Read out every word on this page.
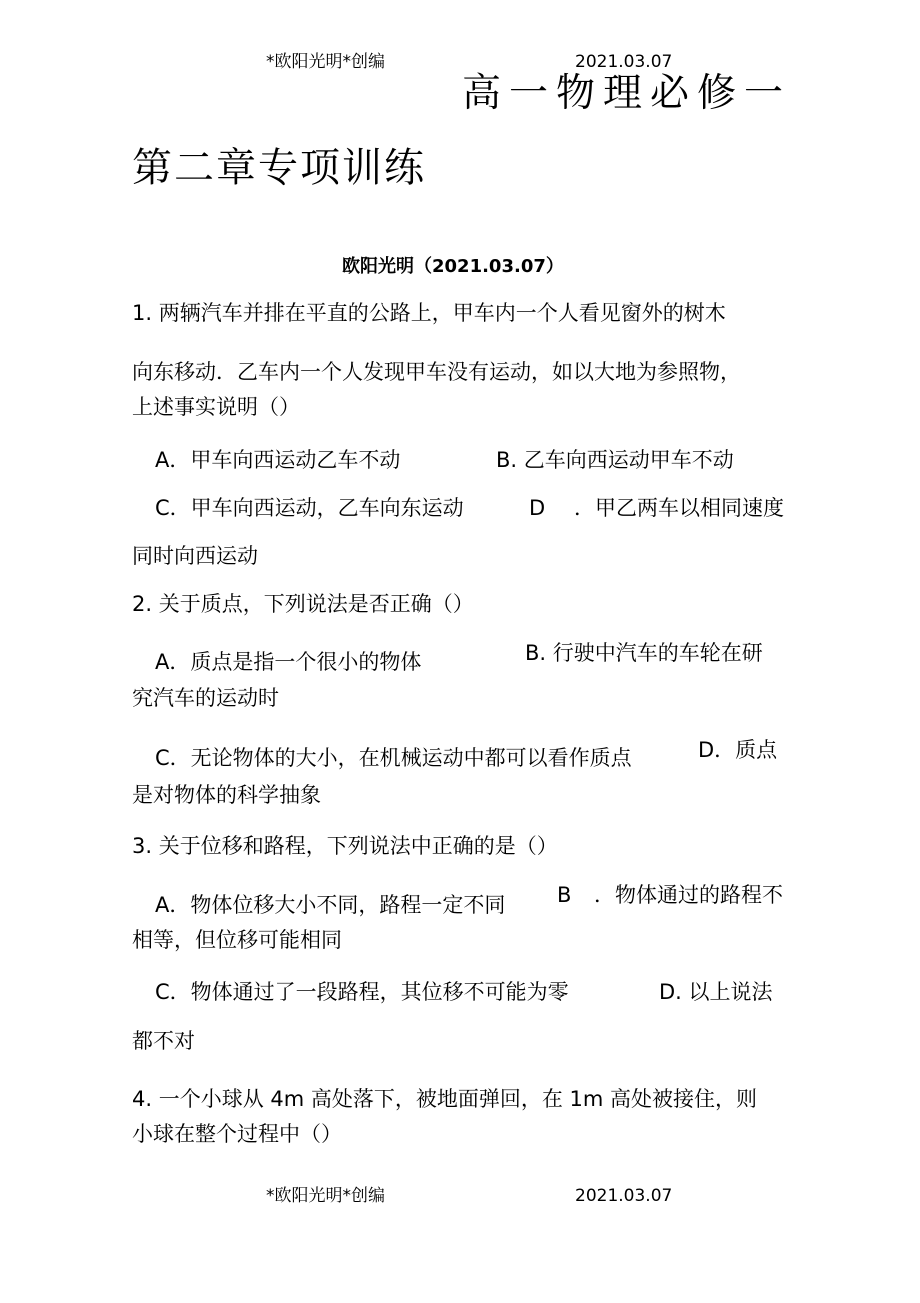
*欧阳光明*创编	2021.03.07
高一物理必修一
第二章专项训练
欧阳光明（2021.03.07）
1. 两辆汽车并排在平直的公路上，甲车内一个人看见窗外的树木
向东移动．乙车内一个人发现甲车没有运动，如以大地为参照物，
上述事实说明（）
A．甲车向西运动乙车不动	B. 乙车向西运动甲车不动
C．甲车向西运动，乙车向东运动	D ．甲乙两车以相同速度
同时向西运动
2. 关于质点，下列说法是否正确（）
A．质点是指一个很小的物体	B. 行驶中汽车的车轮在研
究汽车的运动时
C．无论物体的大小，在机械运动中都可以看作质点	D．质点
是对物体的科学抽象
3. 关于位移和路程，下列说法中正确的是（）
A．物体位移大小不同，路程一定不同 B ．物体通过的路程不
相等，但位移可能相同
C．物体通过了一段路程，其位移不可能为零	D. 以上说法
都不对
4. 一个小球从 4m 高处落下，被地面弹回，在 1m 高处被接住，则
小球在整个过程中（）
*欧阳光明*创编	2021.03.07
